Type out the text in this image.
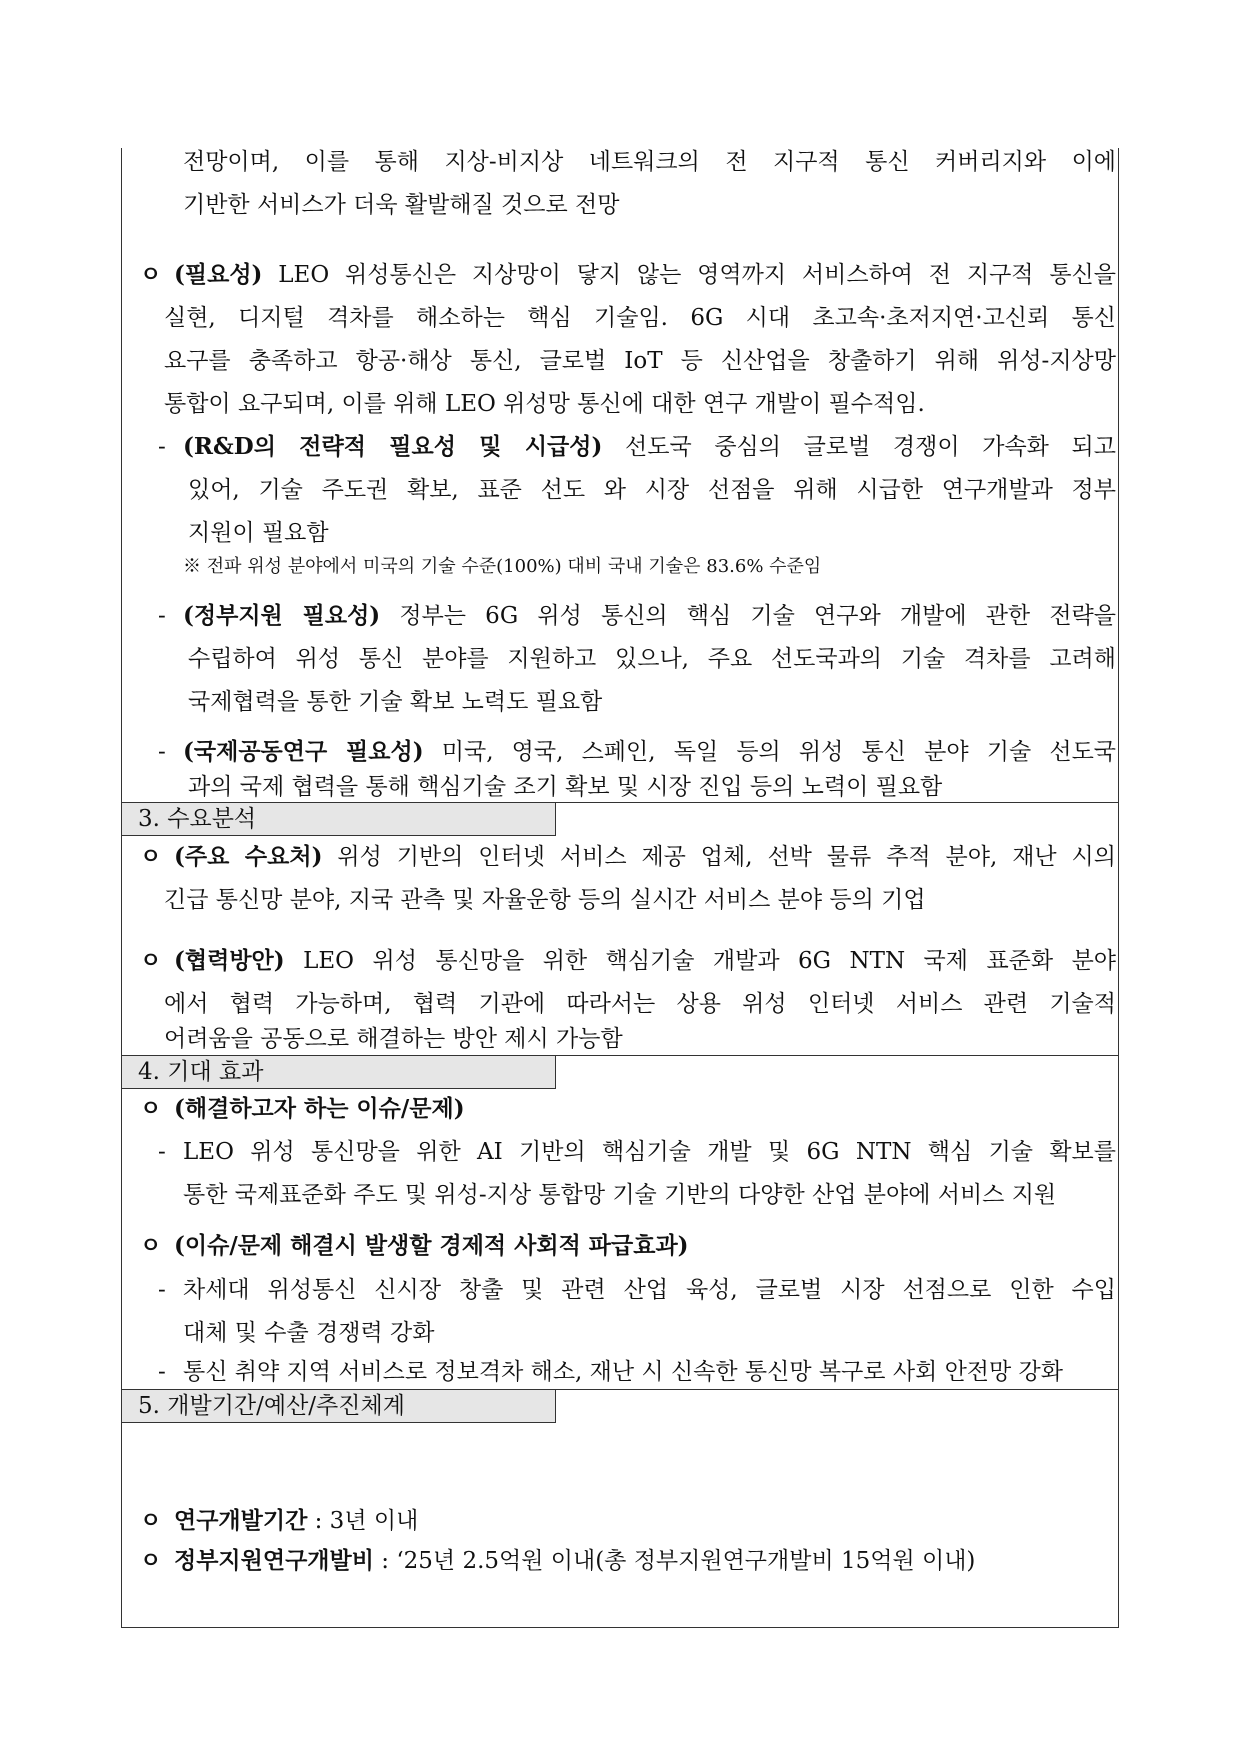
전망이며, 이를 통해 지상-비지상 네트워크의 전 지구적 통신 커버리지와 이에
기반한 서비스가 더욱 활발해질 것으로 전망
ㅇ (필요성) LEO 위성통신은 지상망이 닿지 않는 영역까지 서비스하여 전 지구적 통신을
실현, 디지털 격차를 해소하는 핵심 기술임. 6G 시대 초고속·초저지연·고신뢰 통신
요구를 충족하고 항공·해상 통신, 글로벌 IoT 등 신산업을 창출하기 위해 위성-지상망
통합이 요구되며, 이를 위해 LEO 위성망 통신에 대한 연구 개발이 필수적임.
- (R&D의 전략적 필요성 및 시급성) 선도국 중심의 글로벌 경쟁이 가속화 되고
있어, 기술 주도권 확보, 표준 선도 와 시장 선점을 위해 시급한 연구개발과 정부
지원이 필요함
※ 전파 위성 분야에서 미국의 기술 수준(100%) 대비 국내 기술은 83.6% 수준임
- (정부지원 필요성) 정부는 6G 위성 통신의 핵심 기술 연구와 개발에 관한 전략을
수립하여 위성 통신 분야를 지원하고 있으나, 주요 선도국과의 기술 격차를 고려해
국제협력을 통한 기술 확보 노력도 필요함
- (국제공동연구 필요성) 미국, 영국, 스페인, 독일 등의 위성 통신 분야 기술 선도국
과의 국제 협력을 통해 핵심기술 조기 확보 및 시장 진입 등의 노력이 필요함
3. 수요분석
ㅇ (주요 수요처) 위성 기반의 인터넷 서비스 제공 업체, 선박 물류 추적 분야, 재난 시의
긴급 통신망 분야, 지국 관측 및 자율운항 등의 실시간 서비스 분야 등의 기업
ㅇ (협력방안) LEO 위성 통신망을 위한 핵심기술 개발과 6G NTN 국제 표준화 분야
에서 협력 가능하며, 협력 기관에 따라서는 상용 위성 인터넷 서비스 관련 기술적
어려움을 공동으로 해결하는 방안 제시 가능함
4. 기대 효과
ㅇ (해결하고자 하는 이슈/문제)
- LEO 위성 통신망을 위한 AI 기반의 핵심기술 개발 및 6G NTN 핵심 기술 확보를
통한 국제표준화 주도 및 위성-지상 통합망 기술 기반의 다양한 산업 분야에 서비스 지원
ㅇ (이슈/문제 해결시 발생할 경제적 사회적 파급효과)
- 차세대 위성통신 신시장 창출 및 관련 산업 육성, 글로벌 시장 선점으로 인한 수입
대체 및 수출 경쟁력 강화
- 통신 취약 지역 서비스로 정보격차 해소, 재난 시 신속한 통신망 복구로 사회 안전망 강화
5. 개발기간/예산/추진체계
ㅇ 연구개발기간 : 3년 이내
ㅇ 정부지원연구개발비 : ‘25년 2.5억원 이내(총 정부지원연구개발비 15억원 이내)
